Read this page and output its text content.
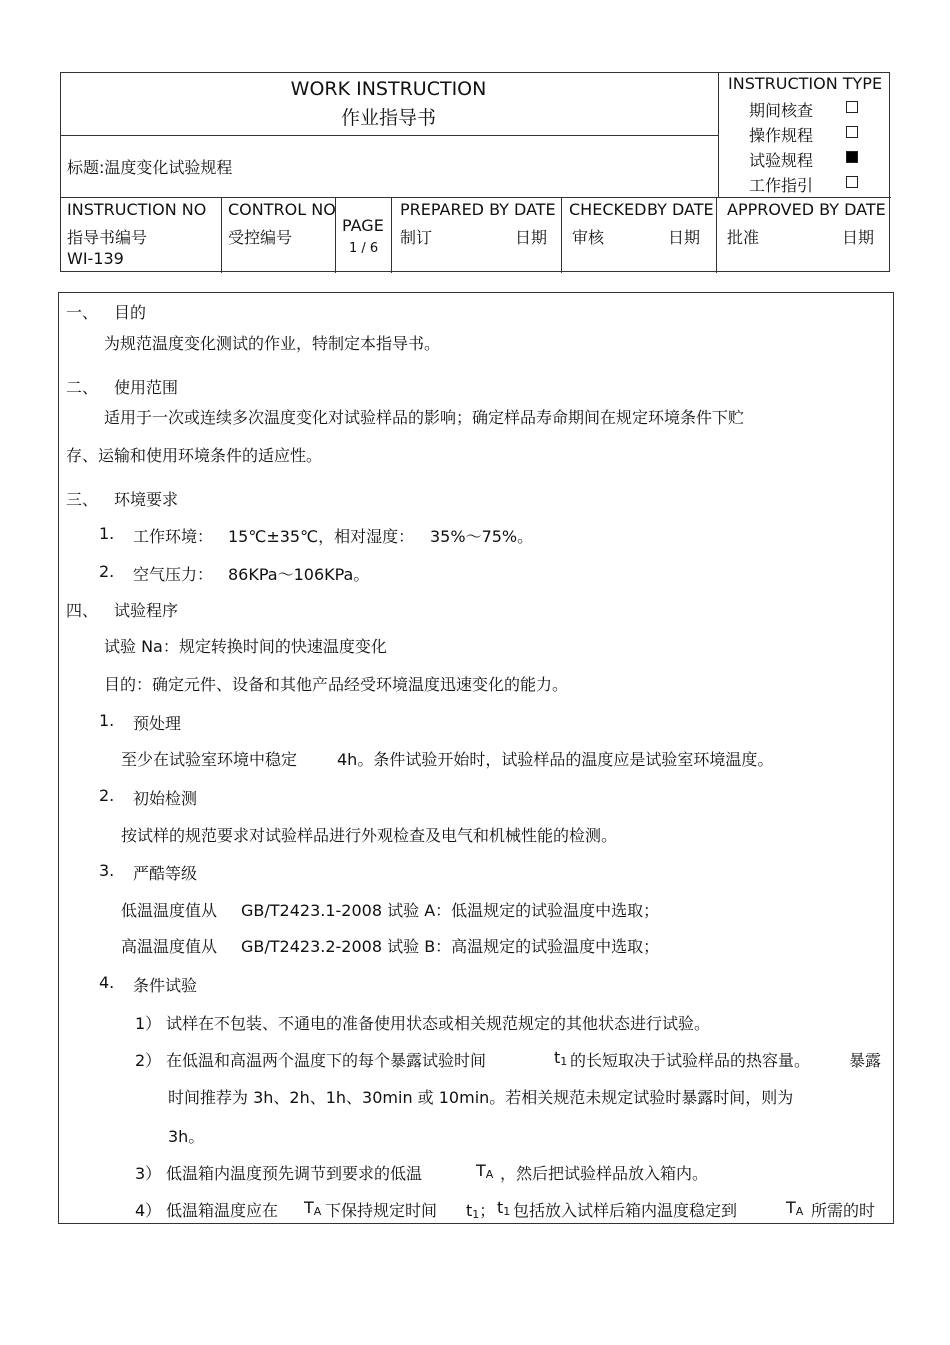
WORK INSTRUCTION
作业指导书
标题:温度变化试验规程
INSTRUCTION TYPE
期间核查
操作规程
试验规程
工作指引
INSTRUCTION NO
指导书编号
WI-139
CONTROL NO
受控编号
PAGE
1 / 6
PREPARED BY DATE
制订	日期
CHECKED BY DATE
审核	日期
APPROVED BY DATE
批准	日期
一、 目的
为规范温度变化测试的作业，特制定本指导书。
二、 使用范围
适用于一次或连续多次温度变化对试验样品的影响；确定样品寿命期间在规定环境条件下贮
存、运输和使用环境条件的适应性。
三、 环境要求
1. 工作环境： 15℃±35℃，相对湿度： 35%～75%。
2. 空气压力： 86KPa～106KPa。
四、 试验程序
试验 Na：规定转换时间的快速温度变化
目的：确定元件、设备和其他产品经受环境温度迅速变化的能力。
1. 预处理
至少在试验室环境中稳定 4h。条件试验开始时，试验样品的温度应是试验室环境温度。
2. 初始检测
按试样的规范要求对试验样品进行外观检查及电气和机械性能的检测。
3. 严酷等级
低温温度值从 GB/T2423.1-2008 试验 A：低温规定的试验温度中选取；
高温温度值从 GB/T2423.2-2008 试验 B：高温规定的试验温度中选取；
4. 条件试验
1） 试样在不包装、不通电的准备使用状态或相关规范规定的其他状态进行试验。
2） 在低温和高温两个温度下的每个暴露试验时间	t1 的长短取决于试验样品的热容量。 暴露
时间推荐为 3h、2h、1h、30min 或 10min。若相关规范未规定试验时暴露时间，则为
3h。
3） 低温箱内温度预先调节到要求的低温	TA ，然后把试验样品放入箱内。
4） 低温箱温度应在 TA 下保持规定时间 t1； t1 包括放入试样后箱内温度稳定到	TA 所需的时
